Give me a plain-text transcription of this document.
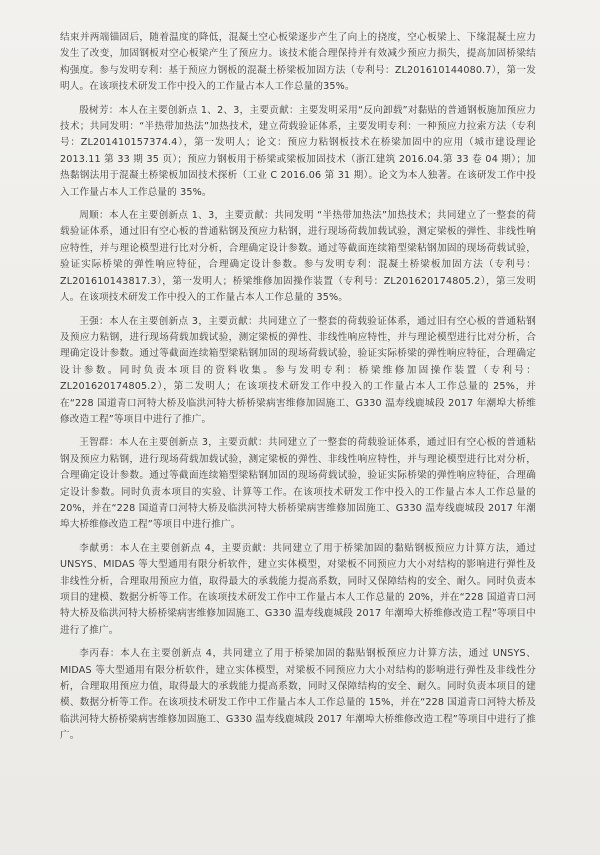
结束并两端锚固后，随着温度的降低，混凝土空心板梁逐步产生了向上的挠度，空心板梁上、下缘混凝土应力发生了改变，加固钢板对空心板梁产生了预应力。该技术能合理保持并有效减少预应力损失，提高加固桥梁结构强度。参与发明专利：基于预应力钢板的混凝土桥梁板加固方法（专利号：ZL201610144080.7），第一发明人。在该项技术研发工作中投入的工作量占本人工作总量的35%。

殷树芳：本人在主要创新点 1、2、3，主要贡献：主要发明采用“反向卸载”对黏贴的普通钢板施加预应力技术；共同发明：“半热带加热法”加热技术，建立荷载验证体系，主要发明专利：一种预应力拉索方法（专利号：ZL201410157374.4），第一发明人；论文：预应力粘钢板技术在桥梁加固中的应用（城市建设理论 2013.11 第 33 期 35 页）；预应力钢板用于桥梁或梁板加固技术（浙江建筑 2016.04.第 33 卷 04 期）；加热黏钢法用于混凝土桥梁板加固技术探析（工业 C 2016.06 第 31 期）。论文为本人独著。在该研发工作中投入工作量占本人工作总量的 35%。

周顺：本人在主要创新点 1、3，主要贡献：共同发明 “半热带加热法”加热技术；共同建立了一整套的荷载验证体系，通过旧有空心板的普通粘钢及预应力粘钢，进行现场荷载加载试验，测定梁板的弹性、非线性响应特性，并与理论模型进行比对分析，合理确定设计参数。通过等截面连续箱型梁粘钢加固的现场荷载试验，验证实际桥梁的弹性响应特征，合理确定设计参数。参与发明专利：混凝土桥梁板加固方法（专利号：ZL201610143817.3），第一发明人；桥梁维修加固操作装置（专利号：ZL201620174805.2），第三发明人。在该项技术研发工作中投入的工作量占本人工作总量的 35%。

王强：本人在主要创新点 3，主要贡献：共同建立了一整套的荷载验证体系，通过旧有空心板的普通粘钢及预应力粘钢，进行现场荷载加载试验，测定梁板的弹性、非线性响应特性，并与理论模型进行比对分析，合理确定设计参数。通过等截面连续箱型梁粘钢加固的现场荷载试验，验证实际桥梁的弹性响应特征，合理确定设计参数。同时负责本项目的资料收集。参与发明专利：桥梁维修加固操作装置（专利号：ZL201620174805.2），第二发明人；在该项技术研发工作中投入的工作量占本人工作总量的 25%，并在“228 国道青口河特大桥及临洪河特大桥桥梁病害维修加固施工、G330 温寿线鹿城段 2017 年潮埠大桥维修改造工程”等项目中进行了推广。

王智群：本人在主要创新点 3，主要贡献：共同建立了一整套的荷载验证体系，通过旧有空心板的普通粘钢及预应力粘钢，进行现场荷载加载试验，测定梁板的弹性、非线性响应特性，并与理论模型进行比对分析，合理确定设计参数。通过等截面连续箱型梁粘钢加固的现场荷载试验，验证实际桥梁的弹性响应特征，合理确定设计参数。同时负责本项目的实验、计算等工作。在该项技术研发工作中投入的工作量占本人工作总量的 20%，并在“228 国道青口河特大桥及临洪河特大桥桥梁病害维修加固施工、G330 温寿线鹿城段 2017 年潮埠大桥维修改造工程”等项目中进行推广。

李献勇：本人在主要创新点 4，主要贡献：共同建立了用于桥梁加固的黏贴钢板预应力计算方法，通过 UNSYS、MIDAS 等大型通用有限分析软件，建立实体模型，对梁板不同预应力大小对结构的影响进行弹性及非线性分析，合理取用预应力值，取得最大的承载能力提高系数，同时又保障结构的安全、耐久。同时负责本项目的建模、数据分析等工作。在该项技术研发工作中工作量占本人工作总量的 20%，并在“228 国道青口河特大桥及临洪河特大桥桥梁病害维修加固施工、G330 温寿线鹿城段 2017 年潮埠大桥维修改造工程”等项目中进行了推广。

李丙春：本人在主要创新点 4，共同建立了用于桥梁加固的黏贴钢板预应力计算方法，通过 UNSYS、MIDAS 等大型通用有限分析软件，建立实体模型，对梁板不同预应力大小对结构的影响进行弹性及非线性分析，合理取用预应力值，取得最大的承载能力提高系数，同时又保障结构的安全、耐久。同时负责本项目的建模、数据分析等工作。在该项技术研发工作中工作量占本人工作总量的 15%，并在“228 国道青口河特大桥及临洪河特大桥桥梁病害维修加固施工、G330 温寿线鹿城段 2017 年潮埠大桥维修改造工程”等项目中进行了推广。
